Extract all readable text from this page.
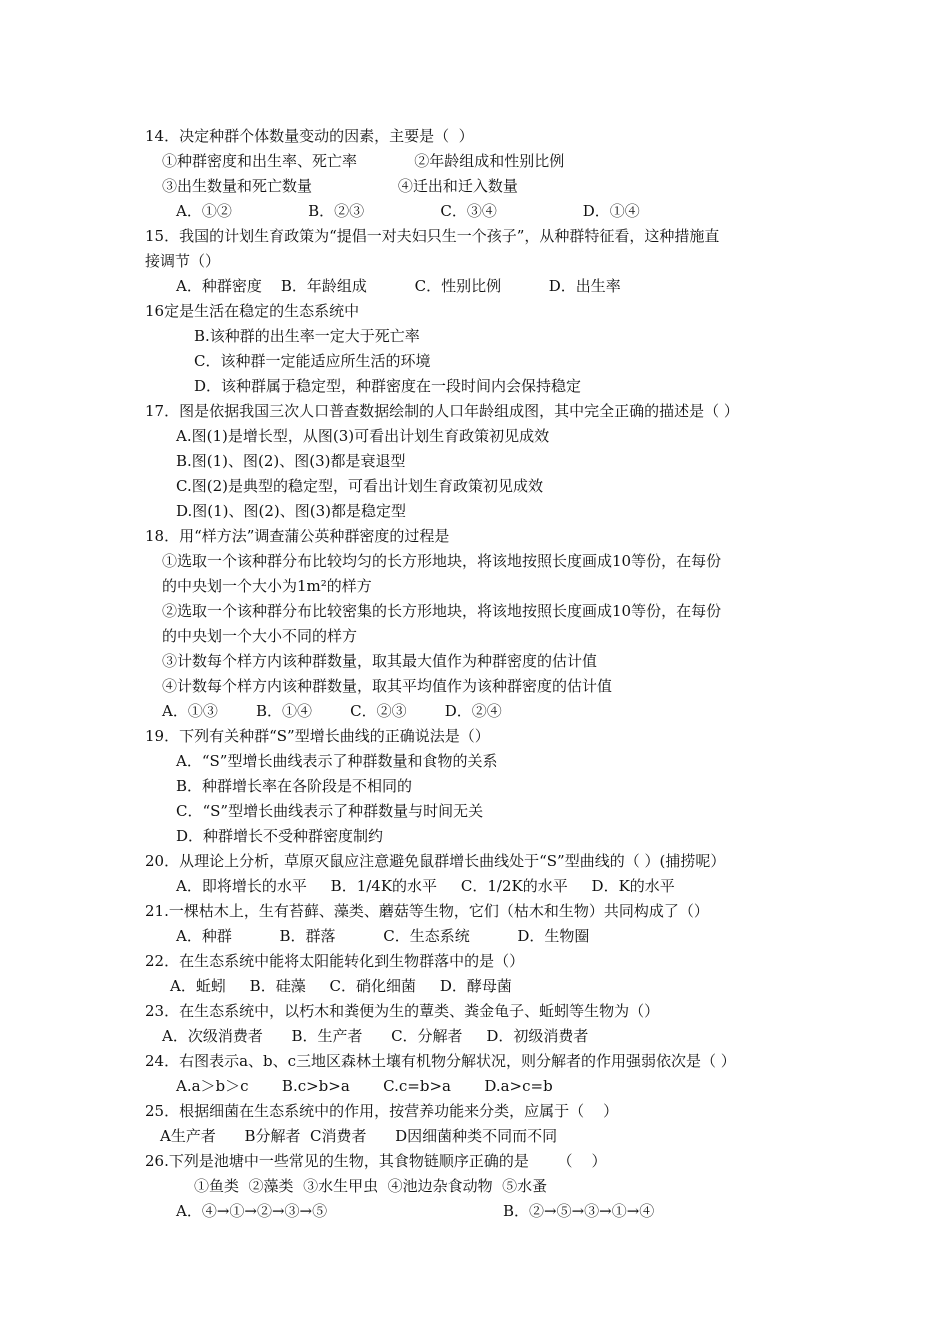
14．决定种群个体数量变动的因素，主要是（  ）
①种群密度和出生率、死亡率            ②年龄组成和性别比例
③出生数量和死亡数量                  ④迁出和迁入数量
A．①②                B．②③                C．③④                  D．①④
15．我国的计划生育政策为“提倡一对夫妇只生一个孩子”，从种群特征看，这种措施直
接调节（）
A．种群密度    B．年龄组成          C．性别比例          D．出生率
16定是生活在稳定的生态系统中
B.该种群的出生率一定大于死亡率
C．该种群一定能适应所生活的环境
D．该种群属于稳定型，种群密度在一段时间内会保持稳定
17．图是依据我国三次人口普查数据绘制的人口年龄组成图，其中完全正确的描述是（ ）
A.图(1)是增长型，从图(3)可看出计划生育政策初见成效
B.图(1)、图(2)、图(3)都是衰退型
C.图(2)是典型的稳定型，可看出计划生育政策初见成效
D.图(1)、图(2)、图(3)都是稳定型
18．用“样方法”调查蒲公英种群密度的过程是
①选取一个该种群分布比较均匀的长方形地块，将该地按照长度画成10等份，在每份
的中央划一个大小为1m²的样方
②选取一个该种群分布比较密集的长方形地块，将该地按照长度画成10等份，在每份
的中央划一个大小不同的样方
③计数每个样方内该种群数量，取其最大值作为种群密度的估计值
④计数每个样方内该种群数量，取其平均值作为该种群密度的估计值
A．①③        B．①④        C．②③        D．②④
19．下列有关种群“S”型增长曲线的正确说法是（）
A．“S”型增长曲线表示了种群数量和食物的关系
B．种群增长率在各阶段是不相同的
C．“S”型增长曲线表示了种群数量与时间无关
D．种群增长不受种群密度制约
20．从理论上分析，草原灭鼠应注意避免鼠群增长曲线处于“S”型曲线的（ ）(捕捞呢）
A．即将增长的水平     B．1/4K的水平     C．1/2K的水平     D．K的水平
21.一棵枯木上，生有苔藓、藻类、蘑菇等生物，它们（枯木和生物）共同构成了（）
A．种群          B．群落          C．生态系统          D．生物圈
22．在生态系统中能将太阳能转化到生物群落中的是（）
A．蚯蚓     B．硅藻     C．硝化细菌     D．酵母菌
23．在生态系统中，以朽木和粪便为生的蕈类、粪金龟子、蚯蚓等生物为（）
A．次级消费者      B．生产者      C．分解者     D．初级消费者
24．右图表示a、b、c三地区森林土壤有机物分解状况，则分解者的作用强弱依次是（ ）
A.a＞b＞c       B.c>b>a       C.c=b>a       D.a>c=b
25．根据细菌在生态系统中的作用，按营养功能来分类，应属于（    ）
A生产者      B分解者  C消费者      D因细菌种类不同而不同
26.下列是池塘中一些常见的生物，其食物链顺序正确的是      （    ）
①鱼类  ②藻类  ③水生甲虫  ④池边杂食动物  ⑤水蚤
A．④→①→②→③→⑤	B．②→⑤→③→①→④
